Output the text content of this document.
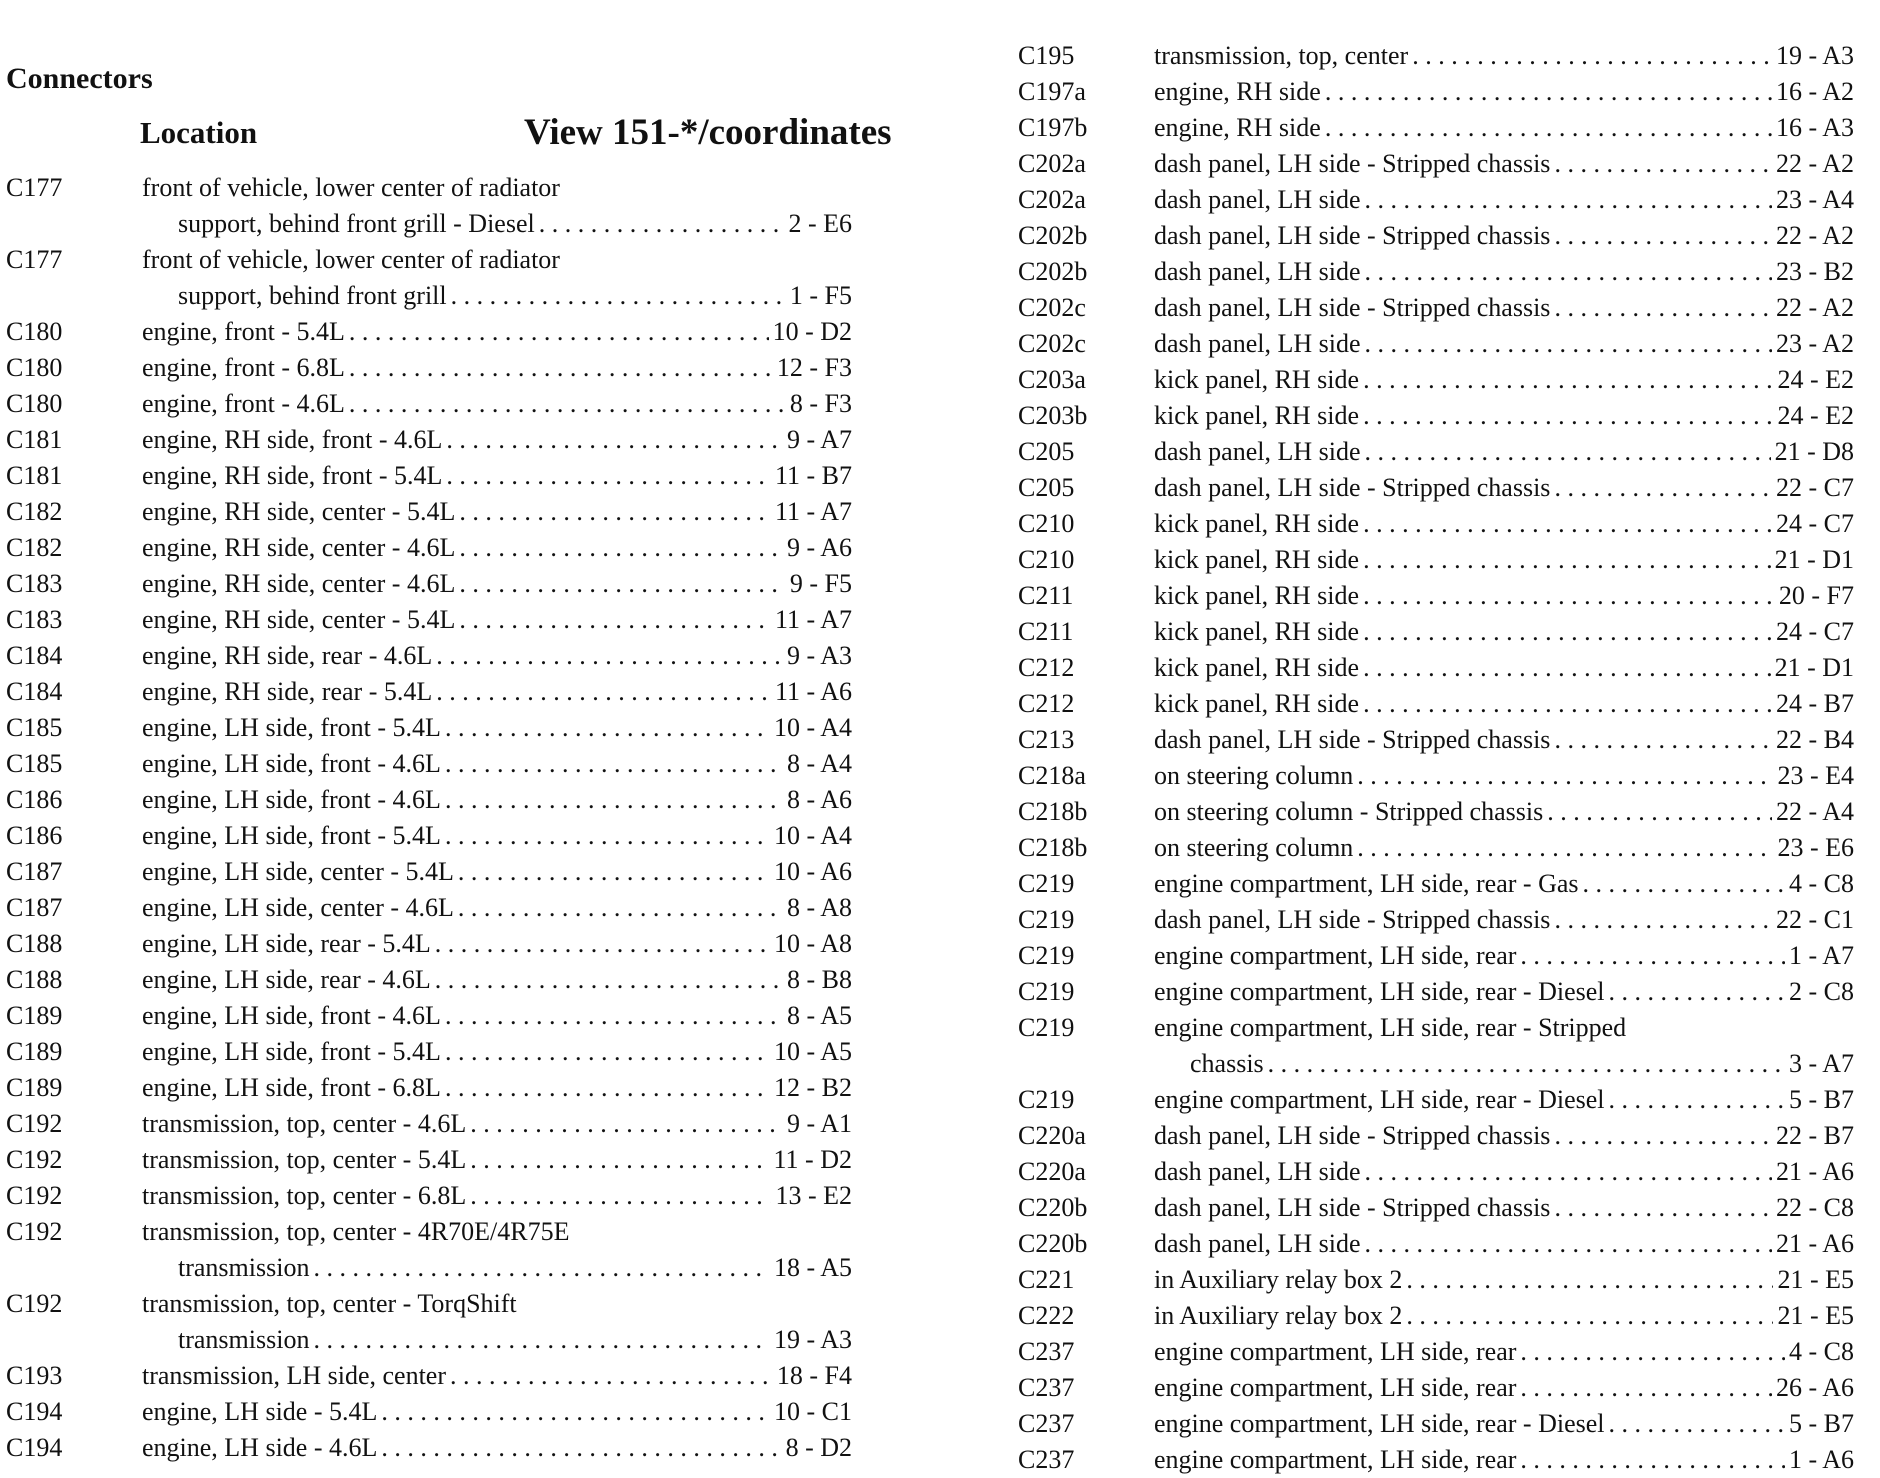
Connectors
Location	View 151-*/coordinates
C177	front of vehicle, lower center of radiator
support, behind front grill - Diesel . . .	2 - E6
C177	front of vehicle, lower center of radiator
support, behind front grill . . .	1 - F5
C180	engine, front - 5.4L . . .	10 - D2
C180	engine, front - 6.8L . . .	12 - F3
C180	engine, front - 4.6L . . .	8 - F3
C181	engine, RH side, front - 4.6L . . .	9 - A7
C181	engine, RH side, front - 5.4L . . .	11 - B7
C182	engine, RH side, center - 5.4L . . .	11 - A7
C182	engine, RH side, center - 4.6L . . .	9 - A6
C183	engine, RH side, center - 4.6L . . .	9 - F5
C183	engine, RH side, center - 5.4L . . .	11 - A7
C184	engine, RH side, rear - 4.6L . . .	9 - A3
C184	engine, RH side, rear - 5.4L . . .	11 - A6
C185	engine, LH side, front - 5.4L . . .	10 - A4
C185	engine, LH side, front - 4.6L . . .	8 - A4
C186	engine, LH side, front - 4.6L . . .	8 - A6
C186	engine, LH side, front - 5.4L . . .	10 - A4
C187	engine, LH side, center - 5.4L . . .	10 - A6
C187	engine, LH side, center - 4.6L . . .	8 - A8
C188	engine, LH side, rear - 5.4L . . .	10 - A8
C188	engine, LH side, rear - 4.6L . . .	8 - B8
C189	engine, LH side, front - 4.6L . . .	8 - A5
C189	engine, LH side, front - 5.4L . . .	10 - A5
C189	engine, LH side, front - 6.8L . . .	12 - B2
C192	transmission, top, center - 4.6L . . .	9 - A1
C192	transmission, top, center - 5.4L . . .	11 - D2
C192	transmission, top, center - 6.8L . . .	13 - E2
C192	transmission, top, center - 4R70E/4R75E
transmission . . .	18 - A5
C192	transmission, top, center - TorqShift
transmission . . .	19 - A3
C193	transmission, LH side, center . . .	18 - F4
C194	engine, LH side - 5.4L . . .	10 - C1
C194	engine, LH side - 4.6L . . .	8 - D2
C195	transmission, top, center . . .	19 - A3
C197a	engine, RH side . . .	16 - A2
C197b	engine, RH side . . .	16 - A3
C202a	dash panel, LH side - Stripped chassis . . .	22 - A2
C202a	dash panel, LH side . . .	23 - A4
C202b	dash panel, LH side - Stripped chassis . . .	22 - A2
C202b	dash panel, LH side . . .	23 - B2
C202c	dash panel, LH side - Stripped chassis . . .	22 - A2
C202c	dash panel, LH side . . .	23 - A2
C203a	kick panel, RH side . . .	24 - E2
C203b	kick panel, RH side . . .	24 - E2
C205	dash panel, LH side . . .	21 - D8
C205	dash panel, LH side - Stripped chassis . . .	22 - C7
C210	kick panel, RH side . . .	24 - C7
C210	kick panel, RH side . . .	21 - D1
C211	kick panel, RH side . . .	20 - F7
C211	kick panel, RH side . . .	24 - C7
C212	kick panel, RH side . . .	21 - D1
C212	kick panel, RH side . . .	24 - B7
C213	dash panel, LH side - Stripped chassis . . .	22 - B4
C218a	on steering column . . .	23 - E4
C218b	on steering column - Stripped chassis . . .	22 - A4
C218b	on steering column . . .	23 - E6
C219	engine compartment, LH side, rear - Gas . . .	4 - C8
C219	dash panel, LH side - Stripped chassis . . .	22 - C1
C219	engine compartment, LH side, rear . . .	1 - A7
C219	engine compartment, LH side, rear - Diesel . . .	2 - C8
C219	engine compartment, LH side, rear - Stripped
chassis . . .	3 - A7
C219	engine compartment, LH side, rear - Diesel . . .	5 - B7
C220a	dash panel, LH side - Stripped chassis . . .	22 - B7
C220a	dash panel, LH side . . .	21 - A6
C220b	dash panel, LH side - Stripped chassis . . .	22 - C8
C220b	dash panel, LH side . . .	21 - A6
C221	in Auxiliary relay box 2 . . .	21 - E5
C222	in Auxiliary relay box 2 . . .	21 - E5
C237	engine compartment, LH side, rear . . .	4 - C8
C237	engine compartment, LH side, rear . . .	26 - A6
C237	engine compartment, LH side, rear - Diesel . . .	5 - B7
C237	engine compartment, LH side, rear . . .	1 - A6
